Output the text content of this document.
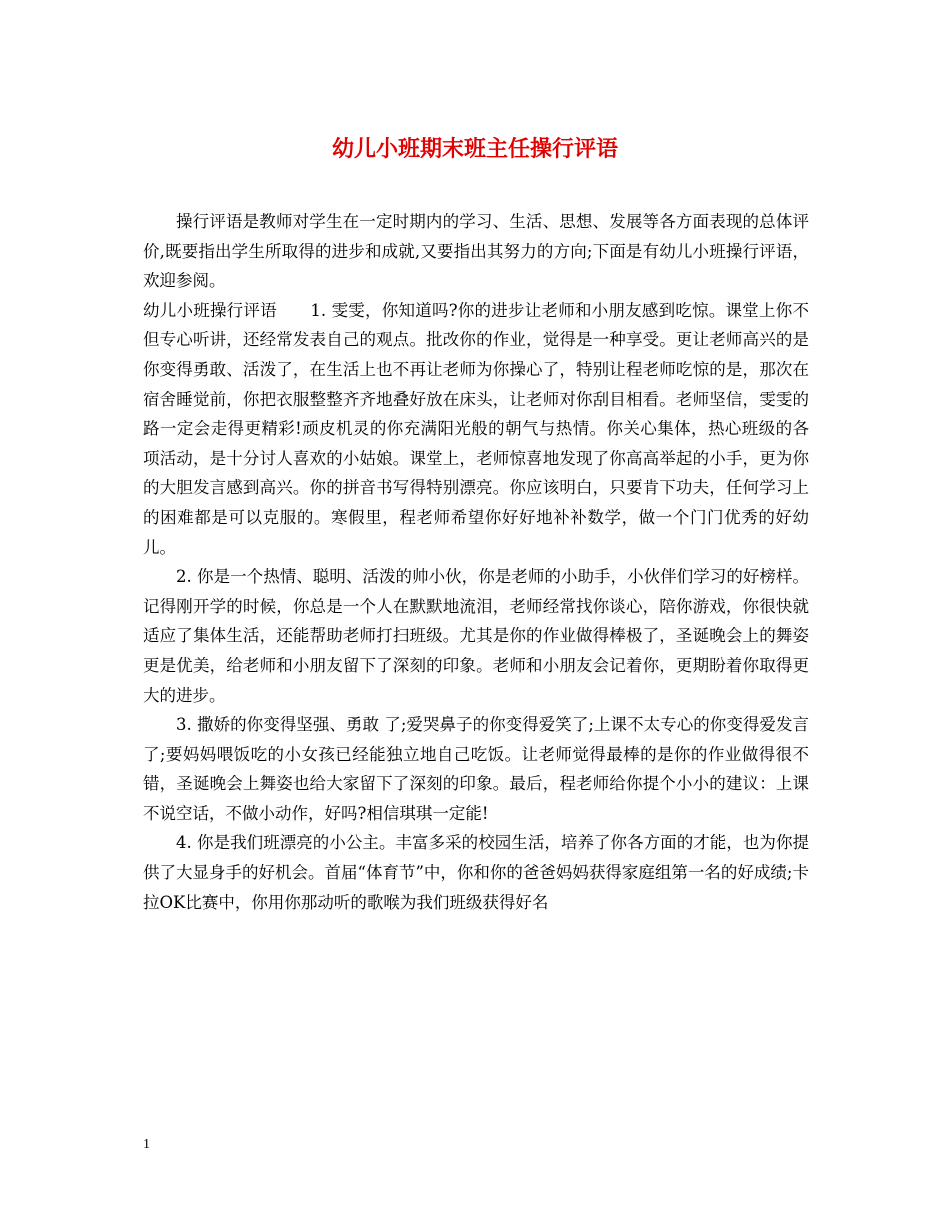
幼儿小班期末班主任操行评语

操行评语是教师对学生在一定时期内的学习、生活、思想、发展等各方面表现的总体评价,既要指出学生所取得的进步和成就,又要指出其努力的方向;下面是有幼儿小班操行评语，欢迎参阅。

幼儿小班操行评语　　1. 雯雯，你知道吗?你的进步让老师和小朋友感到吃惊。课堂上你不但专心听讲，还经常发表自己的观点。批改你的作业，觉得是一种享受。更让老师高兴的是你变得勇敢、活泼了，在生活上也不再让老师为你操心了，特别让程老师吃惊的是，那次在宿舍睡觉前，你把衣服整整齐齐地叠好放在床头，让老师对你刮目相看。老师坚信，雯雯的路一定会走得更精彩!顽皮机灵的你充满阳光般的朝气与热情。你关心集体，热心班级的各项活动，是十分讨人喜欢的小姑娘。课堂上，老师惊喜地发现了你高高举起的小手，更为你的大胆发言感到高兴。你的拼音书写得特别漂亮。你应该明白，只要肯下功夫，任何学习上的困难都是可以克服的。寒假里，程老师希望你好好地补补数学，做一个门门优秀的好幼儿。

2. 你是一个热情、聪明、活泼的帅小伙，你是老师的小助手，小伙伴们学习的好榜样。记得刚开学的时候，你总是一个人在默默地流泪，老师经常找你谈心，陪你游戏，你很快就适应了集体生活，还能帮助老师打扫班级。尤其是你的作业做得棒极了，圣诞晚会上的舞姿更是优美，给老师和小朋友留下了深刻的印象。老师和小朋友会记着你，更期盼着你取得更大的进步。

3. 撒娇的你变得坚强、勇敢 了;爱哭鼻子的你变得爱笑了;上课不太专心的你变得爱发言了;要妈妈喂饭吃的小女孩已经能独立地自己吃饭。让老师觉得最棒的是你的作业做得很不错，圣诞晚会上舞姿也给大家留下了深刻的印象。最后，程老师给你提个小小的建议：上课不说空话，不做小动作，好吗?相信琪琪一定能!

4. 你是我们班漂亮的小公主。丰富多采的校园生活，培养了你各方面的才能，也为你提供了大显身手的好机会。首届“体育节”中，你和你的爸爸妈妈获得家庭组第一名的好成绩;卡拉OK比赛中，你用你那动听的歌喉为我们班级获得好名

1
